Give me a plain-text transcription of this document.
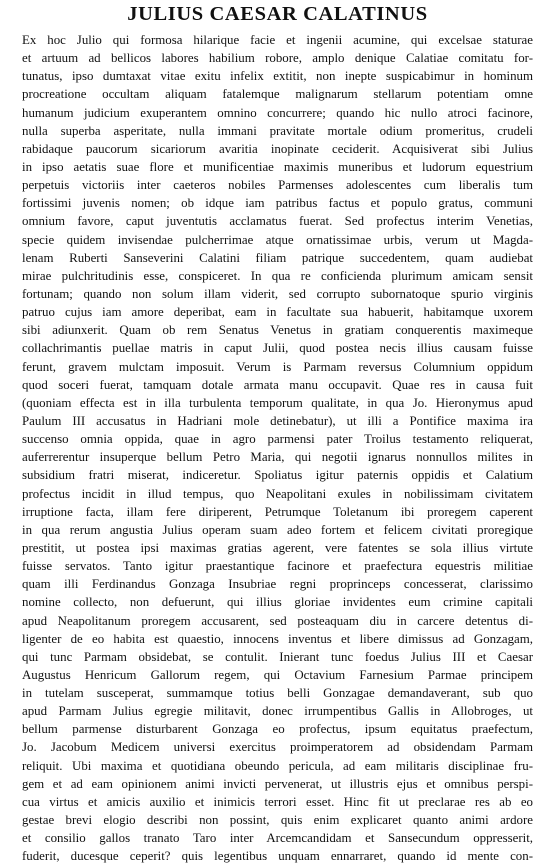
JULIUS CAESAR CALATINUS
Ex hoc Julio qui formosa hilarique facie et ingenii acumine, qui excelsae staturae
et artuum ad bellicos labores habilium robore, amplo denique Calatiae comitatu for-
tunatus, ipso dumtaxat vitae exitu infelix extitit, non inepte suspicabimur in hominum
procreatione occultam aliquam fatalemque malignarum stellarum potentiam omne
humanum judicium exuperantem omnino concurrere; quando hic nullo atroci facinore,
nulla superba asperitate, nulla immani pravitate mortale odium promeritus, crudeli
rabidaque paucorum sicariorum avaritia inopinate ceciderit. Acquisiverat sibi Julius
in ipso aetatis suae flore et munificentiae maximis muneribus et ludorum equestrium
perpetuis victoriis inter caeteros nobiles Parmenses adolescentes cum liberalis tum
fortissimi juvenis nomen; ob idque iam patribus factus et populo gratus, communi
omnium favore, caput juventutis acclamatus fuerat. Sed profectus interim Venetias,
specie quidem invisendae pulcherrimae atque ornatissimae urbis, verum ut Magda-
lenam Ruberti Sanseverini Calatini filiam patrique succedentem, quam audiebat
mirae pulchritudinis esse, conspiceret. In qua re conficienda plurimum amicam sensit
fortunam; quando non solum illam viderit, sed corrupto subornatoque spurio virginis
patruo cujus iam amore deperibat, eam in facultate sua habuerit, habitamque uxorem
sibi adiunxerit. Quam ob rem Senatus Venetus in gratiam conquerentis maximeque
collachrimantis puellae matris in caput Julii, quod postea necis illius causam fuisse
ferunt, gravem mulctam imposuit. Verum is Parmam reversus Columnium oppidum
quod soceri fuerat, tamquam dotale armata manu occupavit. Quae res in causa fuit
(quoniam effecta est in illa turbulenta temporum qualitate, in qua Jo. Hieronymus apud
Paulum III accusatus in Hadriani mole detinebatur), ut illi a Pontifice maxima ira
succenso omnia oppida, quae in agro parmensi pater Troilus testamento reliquerat,
auferrerentur insuperque bellum Petro Maria, qui negotii ignarus nonnullos milites in
subsidium fratri miserat, indiceretur. Spoliatus igitur paternis oppidis et Calatium
profectus incidit in illud tempus, quo Neapolitani exules in nobilissimam civitatem
irruptione facta, illam fere diriperent, Petrumque Toletanum ibi proregem caperent
in qua rerum angustia Julius operam suam adeo fortem et felicem civitati proregique
prestitit, ut postea ipsi maximas gratias agerent, vere fatentes se sola illius virtute
fuisse servatos. Tanto igitur praestantique facinore et praefectura equestris militiae
quam illi Ferdinandus Gonzaga Insubriae regni proprinceps concesserat, clarissimo
nomine collecto, non defuerunt, qui illius gloriae invidentes eum crimine capitali
apud Neapolitanum proregem accusarent, sed posteaquam diu in carcere detentus di-
ligenter de eo habita est quaestio, innocens inventus et libere dimissus ad Gonzagam,
qui tunc Parmam obsidebat, se contulit. Inierant tunc foedus Julius III et Caesar
Augustus Henricum Gallorum regem, qui Octavium Farnesium Parmae principem
in tutelam susceperat, summamque totius belli Gonzagae demandaverant, sub quo
apud Parmam Julius egregie militavit, donec irrumpentibus Gallis in Allobroges, ut
bellum parmense disturbarent Gonzaga eo profectus, ipsum equitatus praefectum,
Jo. Jacobum Medicem universi exercitus proimperatorem ad obsidendam Parmam
reliquit. Ubi maxima et quotidiana obeundo pericula, ad eam militaris disciplinae fru-
gem et ad eam opinionem animi invicti pervenerat, ut illustris ejus et omnibus perspi-
cua virtus et amicis auxilio et inimicis terrori esset. Hinc fit ut preclarae res ab eo
gestae brevi elogio describi non possint, quis enim explicaret quanto animi ardore
et consilio gallos tranato Taro inter Arcemcandidam et Sansecundum oppresserit,
fuderit, ducesque ceperit? quis legentibus unquam ennarraret, quando id mente con-
